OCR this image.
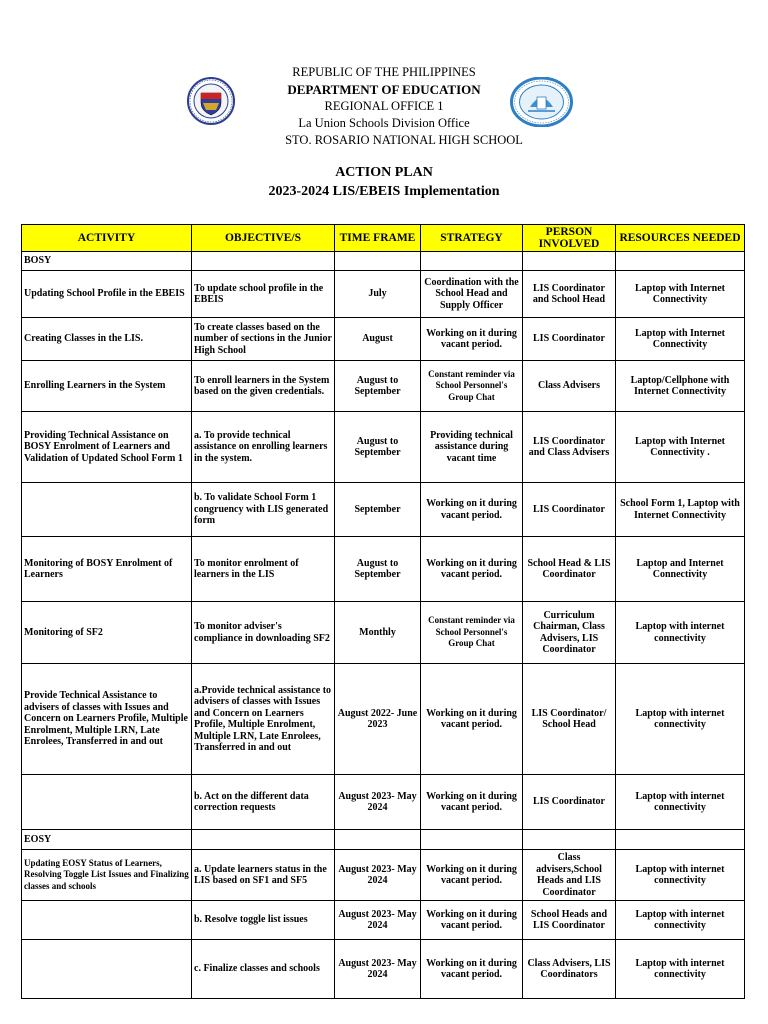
REPUBLIC OF THE PHILIPPINES
DEPARTMENT OF EDUCATION
REGIONAL OFFICE 1
La Union Schools Division Office
STO. ROSARIO NATIONAL HIGH SCHOOL
ACTION PLAN
2023-2024 LIS/EBEIS Implementation
ACTIVITY	OBJECTIVE/S	TIME FRAME	STRATEGY	PERSON INVOLVED	RESOURCES NEEDED
BOSY					
Updating School Profile in the EBEIS	To update school profile in the EBEIS	July	Coordination with the School Head and Supply Officer	LIS Coordinator and School Head	Laptop with Internet Connectivity
Creating Classes in the LIS.	To create classes based on the number of sections in the Junior High School	August	Working on it during vacant period.	LIS Coordinator	Laptop with Internet Connectivity
Enrolling Learners in the System	To enroll learners in the System based on the given credentials.	August to September	Constant reminder via School Personnel's Group Chat	Class Advisers	Laptop/Cellphone with Internet Connectivity
Providing Technical Assistance on BOSY Enrolment of Learners and Validation of Updated School Form 1	a. To provide technical assistance on enrolling learners in the system.	August to September	Providing technical assistance during vacant time	LIS Coordinator and Class Advisers	Laptop with Internet Connectivity .
	b. To validate School Form 1 congruency with LIS generated form	September	Working on it during vacant period.	LIS Coordinator	School Form 1, Laptop with Internet Connectivity
Monitoring of BOSY Enrolment of Learners	To monitor enrolment of learners in the LIS	August to September	Working on it during vacant period.	School Head & LIS Coordinator	Laptop and Internet Connectivity
Monitoring of SF2	To monitor adviser's compliance in downloading SF2	Monthly	Constant reminder via School Personnel's Group Chat	Curriculum Chairman, Class Advisers, LIS Coordinator	Laptop with internet connectivity
Provide Technical Assistance to advisers of classes with Issues and Concern on Learners Profile, Multiple Enrolment, Multiple LRN, Late Enrolees, Transferred in and out	a.Provide technical assistance to advisers of classes with Issues and Concern on Learners Profile, Multiple Enrolment, Multiple LRN, Late Enrolees, Transferred in and out	August 2022- June 2023	Working on it during vacant period.	LIS Coordinator/ School Head	Laptop with internet connectivity
	b. Act on the different data correction requests	August 2023- May 2024	Working on it during vacant period.	LIS Coordinator	Laptop with internet connectivity
EOSY					
Updating EOSY Status of Learners, Resolving Toggle List Issues and Finalizing classes and schools	a. Update learners status in the LIS based on SF1 and SF5	August 2023- May 2024	Working on it during vacant period.	Class advisers,School Heads and LIS Coordinator	Laptop with internet connectivity
	b. Resolve toggle list issues	August 2023- May 2024	Working on it during vacant period.	School Heads and LIS Coordinator	Laptop with internet connectivity
	c. Finalize classes and schools	August 2023- May 2024	Working on it during vacant period.	Class Advisers, LIS Coordinators	Laptop with internet connectivity
